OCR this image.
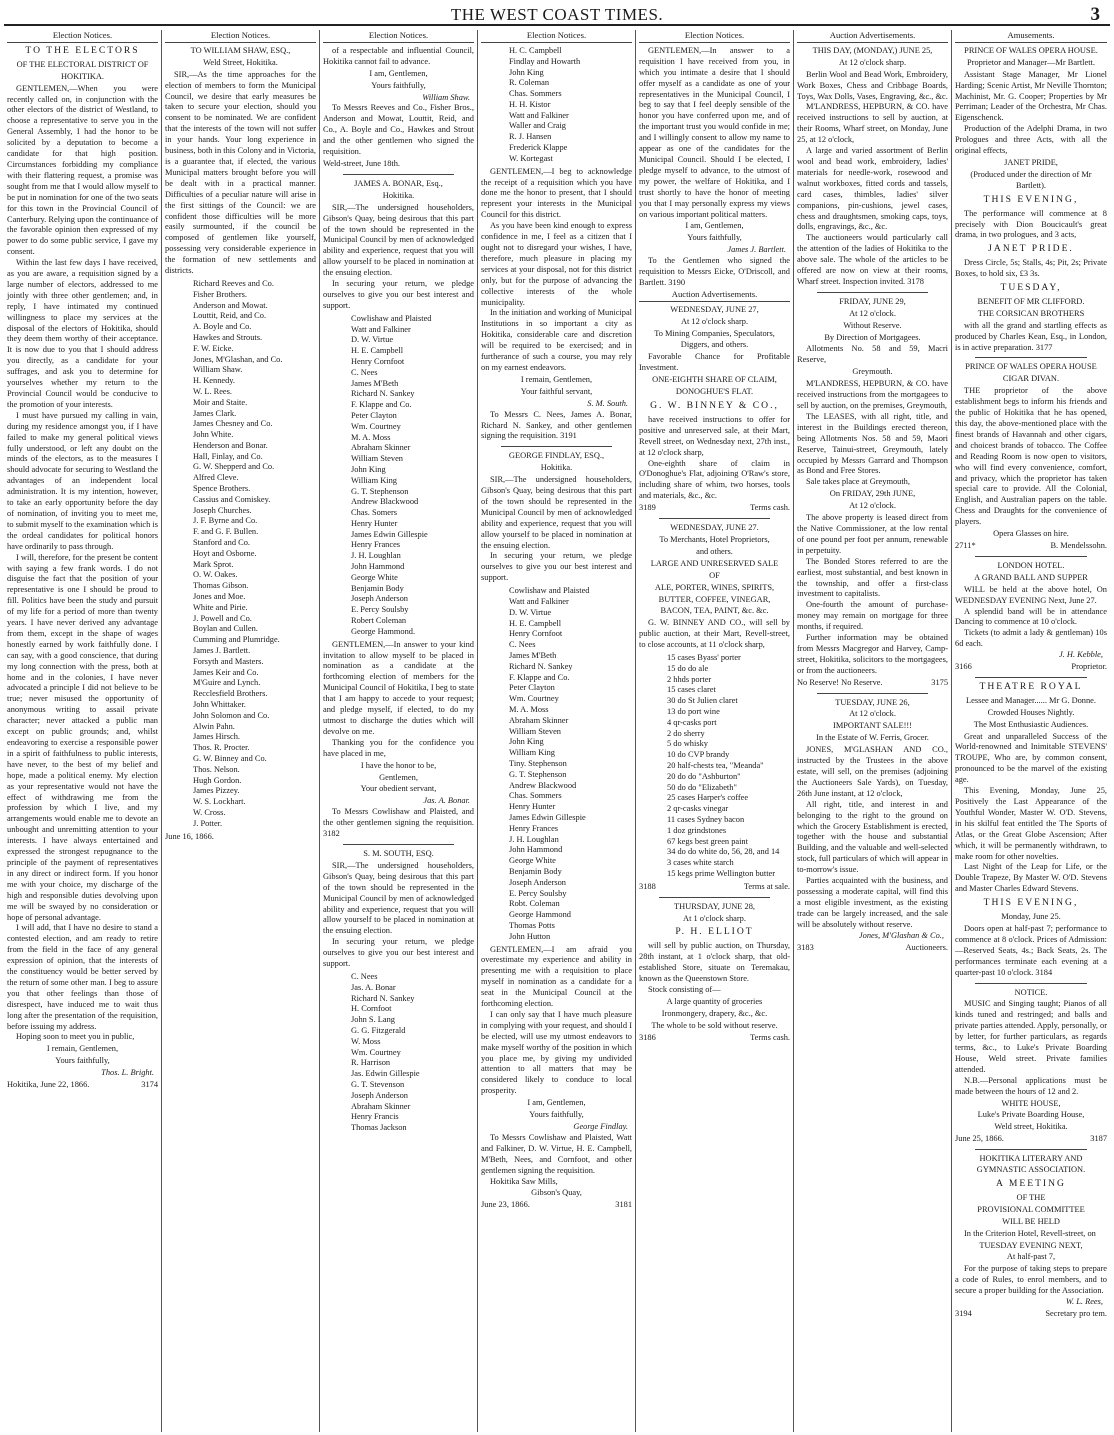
THE WEST COAST TIMES.	3
Election Notices.
TO THE ELECTORS
OF THE ELECTORAL DISTRICT OF
HOKITIKA.
GENTLEMEN,—When you were recently called on, in conjunction with the other electors of the district of Westland, to choose a representative to serve you in the General Assembly, I had the honor to be solicited by a deputation to become a candidate for that high position. Circumstances forbidding my compliance with their flattering request, a promise was sought from me that I would allow myself to be put in nomination for one of the two seats for this town in the Provincial Council of Canterbury. Relying upon the continuance of the favorable opinion then expressed of my power to do some public service, I gave my consent.
Within the last few days I have received, as you are aware, a requisition signed by a large number of electors, addressed to me jointly with three other gentlemen; and, in reply, I have intimated my continued willingness to place my services at the disposal of the electors of Hokitika, should they deem them worthy of their acceptance. It is now due to you that I should address you directly, as a candidate for your suffrages, and ask you to determine for yourselves whether my return to the Provincial Council would be conducive to the promotion of your interests.
I must have pursued my calling in vain, during my residence amongst you, if I have failed to make my general political views fully understood, or left any doubt on the minds of the electors, as to the measures I should advocate for securing to Westland the advantages of an independent local administration. It is my intention, however, to take an early opportunity before the day of nomination, of inviting you to meet me, to submit myself to the examination which is the ordeal candidates for political honors have ordinarily to pass through.
I will, therefore, for the present be content with saying a few frank words. I do not disguise the fact that the position of your representative is one I should be proud to fill. Politics have been the study and pursuit of my life for a period of more than twenty years. I have never derived any advantage from them, except in the shape of wages honestly earned by work faithfully done. I can say, with a good conscience, that during my long connection with the press, both at home and in the colonies, I have never advocated a principle I did not believe to be true; never misused the opportunity of anonymous writing to assail private character; never attacked a public man except on public grounds; and, whilst endeavoring to exercise a responsible power in a spirit of faithfulness to public interests, have never, to the best of my belief and hope, made a political enemy. My election as your representative would not have the effect of withdrawing me from the profession by which I live, and my arrangements would enable me to devote an unbought and unremitting attention to your interests. I have always entertained and expressed the strongest repugnance to the principle of the payment of representatives in any direct or indirect form. If you honor me with your choice, my discharge of the high and responsible duties devolving upon me will be swayed by no consideration or hope of personal advantage.
I will add, that I have no desire to stand a contested election, and am ready to retire from the field in the face of any general expression of opinion, that the interests of the constituency would be better served by the return of some other man. I beg to assure you that other feelings than those of disrespect, have induced me to wait thus long after the presentation of the requisition, before issuing my address.
Hoping soon to meet you in public,
I remain, Gentlemen,
Yours faithfully,
Thos. L. Bright.
Hokitika, June 22, 1866.	3174
Election Notices.
TO WILLIAM SHAW, ESQ.,
Weld Street, Hokitika.
SIR,—As the time approaches for the election of members to form the Municipal Council, we desire that early measures be taken to secure your election, should you consent to be nominated. We are confident that the interests of the town will not suffer in your hands. Your long experience in business, both in this Colony and in Victoria, is a guarantee that, if elected, the various Municipal matters brought before you will be dealt with in a practical manner. Difficulties of a peculiar nature will arise in the first sittings of the Council: we are confident those difficulties will be more easily surmounted, if the council be composed of gentlemen like yourself, possessing very considerable experience in the formation of new settlements and districts.
Richard Reeves and Co.
Fisher Brothers.
Anderson and Mowat.
Louttit, Reid, and Co.
A. Boyle and Co.
Hawkes and Strouts.
F. W. Eicke.
Jones, M'Glashan, and Co.
William Shaw.
H. Kennedy.
W. L. Rees.
Moir and Staite.
James Clark.
James Chesney and Co.
John White.
Henderson and Bonar.
Hall, Finlay, and Co.
G. W. Shepperd and Co.
Alfred Cleve.
Spence Brothers.
Cassius and Comiskey.
Joseph Churches.
J. F. Byrne and Co.
F. and G. F. Bullen.
Stanford and Co.
Hoyt and Osborne.
Mark Sprot.
O. W. Oakes.
Thomas Gibson.
Jones and Moe.
White and Pirie.
J. Powell and Co.
Boylan and Cullen.
Cumming and Plumridge.
James J. Bartlett.
Forsyth and Masters.
James Keir and Co.
M'Guire and Lynch.
Recclesfield Brothers.
John Whittaker.
John Solomon and Co.
Alwin Pahn.
James Hirsch.
Thos. R. Procter.
G. W. Binney and Co.
Thos. Nelson.
Hugh Gordon.
James Pizzey.
W. S. Lockhart.
W. Cross.
J. Potter.
June 16, 1866.
Election Notices.
of a respectable and influential Council, Hokitika cannot fail to advance.
I am, Gentlemen,
Yours faithfully,
William Shaw.
To Messrs Reeves and Co., Fisher Bros., Anderson and Mowat, Louttit, Reid, and Co., A. Boyle and Co., Hawkes and Strout and the other gentlemen who signed the requisition.
Weld-street, June 18th.
JAMES A. BONAR, Esq.,
Hokitika.
SIR,—The undersigned householders, Gibson's Quay, being desirous that this part of the town should be represented in the Municipal Council by men of acknowledged ability and experience, request that you will allow yourself to be placed in nomination at the ensuing election.
In securing your return, we pledge ourselves to give you our best interest and support.
Cowlishaw and Plaisted
Watt and Falkiner
D. W. Virtue
H. E. Campbell
Henry Cornfoot
C. Nees
James M'Beth
Richard N. Sankey
F. Klappe and Co.
Peter Clayton
Wm. Courtney
M. A. Moss
Abraham Skinner
William Steven
John King
William King
G. T. Stephenson
Andrew Blackwood
Chas. Somers
Henry Hunter
James Edwin Gillespie
Henry Frances
J. H. Loughlan
John Hammond
George White
Benjamin Body
Joseph Anderson
E. Percy Soulsby
Robert Coleman
George Hammond.
GENTLEMEN,—In answer to your kind invitation to allow myself to be placed in nomination as a candidate at the forthcoming election of members for the Municipal Council of Hokitika, I beg to state that I am happy to accede to your request; and pledge myself, if elected, to do my utmost to discharge the duties which will devolve on me.
Thanking you for the confidence you have placed in me,
I have the honor to be,
Gentlemen,
Your obedient servant,
Jas. A. Bonar.
To Messrs Cowlishaw and Plaisted, and the other gentlemen signing the requisition. 3182
S. M. SOUTH, ESQ.
SIR,—The undersigned householders, Gibson's Quay, being desirous that this part of the town should be represented in the Municipal Council by men of acknowledged ability and experience, request that you will allow yourself to be placed in nomination at the ensuing election.
In securing your return, we pledge ourselves to give you our best interest and support.
C. Nees
Jas. A. Bonar
Richard N. Sankey
H. Cornfoot
John S. Lang
G. G. Fitzgerald
W. Moss
Wm. Courtney
R. Harrison
Jas. Edwin Gillespie
G. T. Stevenson
Joseph Anderson
Abraham Skinner
Henry Francis
Thomas Jackson
Election Notices.
H. C. Campbell
Findlay and Howarth
John King
R. Coleman
Chas. Sommers
H. H. Kistor
Watt and Falkiner
Waller and Craig
R. J. Hansen
Frederick Klappe
W. Kortegast
GENTLEMEN,—I beg to acknowledge the receipt of a requisition which you have done me the honor to present, that I should represent your interests in the Municipal Council for this district.
As you have been kind enough to express confidence in me, I feel as a citizen that I ought not to disregard your wishes, I have, therefore, much pleasure in placing my services at your disposal, not for this district only, but for the purpose of advancing the collective interests of the whole municipality.
In the initiation and working of Municipal Institutions in so important a city as Hokitika, considerable care and discretion will be required to be exercised; and in furtherance of such a course, you may rely on my earnest endeavors.
I remain, Gentlemen,
Your faithful servant,
S. M. South.
To Messrs C. Nees, James A. Bonar, Richard N. Sankey, and other gentlemen signing the requisition. 3191
GEORGE FINDLAY, ESQ.,
Hokitika.
SIR,—The undersigned householders, Gibson's Quay, being desirous that this part of the town should be represented in the Municipal Council by men of acknowledged ability and experience, request that you will allow yourself to be placed in nomination at the ensuing election.
In securing your return, we pledge ourselves to give you our best interest and support.
Cowlishaw and Plaisted
Watt and Falkiner
D. W. Virtue
H. E. Campbell
Henry Cornfoot
C. Nees
James M'Beth
Richard N. Sankey
F. Klappe and Co.
Peter Clayton
Wm. Courtney
M. A. Moss
Abraham Skinner
William Steven
John King
William King
Tiny. Stephenson
G. T. Stephenson
Andrew Blackwood
Chas. Sommers
Henry Hunter
James Edwin Gillespie
Henry Frances
J. H. Loughlan
John Hammond
George White
Benjamin Body
Joseph Anderson
E. Percy Soulsby
Robt. Coleman
George Hammond
Thomas Potts
John Hutton
GENTLEMEN,—I am afraid you overestimate my experience and ability in presenting me with a requisition to place myself in nomination as a candidate for a seat in the Municipal Council at the forthcoming election.
I can only say that I have much pleasure in complying with your request, and should I be elected, will use my utmost endeavors to make myself worthy of the position in which you place me, by giving my undivided attention to all matters that may be considered likely to conduce to local prosperity.
I am, Gentlemen,
Yours faithfully,
George Findlay.
To Messrs Cowlishaw and Plaisted, Watt and Falkiner, D. W. Virtue, H. E. Campbell, M'Beth, Nees, and Cornfoot, and other gentlemen signing the requisition.
Hokitika Saw Mills,
Gibson's Quay,
June 23, 1866.	3181
Election Notices.
GENTLEMEN,—In answer to a requisition I have received from you, in which you intimate a desire that I should offer myself as a candidate as one of your representatives in the Municipal Council, I beg to say that I feel deeply sensible of the honor you have conferred upon me, and of the important trust you would confide in me; and I willingly consent to allow my name to appear as one of the candidates for the Municipal Council. Should I be elected, I pledge myself to advance, to the utmost of my power, the welfare of Hokitika, and I trust shortly to have the honor of meeting you that I may personally express my views on various important political matters.
I am, Gentlemen,
Yours faithfully,
James J. Bartlett.
To the Gentlemen who signed the requisition to Messrs Eicke, O'Driscoll, and Bartlett. 3190
Auction Advertisements.
WEDNESDAY, JUNE 27,
At 12 o'clock sharp.
To Mining Companies, Speculators,
Diggers, and others.
Favorable Chance for Profitable Investment.
ONE-EIGHTH SHARE OF CLAIM,
DONOGHUE'S FLAT.
G. W. BINNEY & CO.,
have received instructions to offer for positive and unreserved sale, at their Mart, Revell street, on Wednesday next, 27th inst., at 12 o'clock sharp,
One-eighth share of claim in O'Donoghue's Flat, adjoining O'Raw's store, including share of whim, two horses, tools and materials, &c., &c.
3189	Terms cash.
WEDNESDAY, JUNE 27.
To Merchants, Hotel Proprietors,
and others.
LARGE AND UNRESERVED SALE
OF
ALE, PORTER, WINES, SPIRITS,
BUTTER, COFFEE, VINEGAR,
BACON, TEA, PAINT, &c. &c.
G. W. BINNEY AND CO., will sell by public auction, at their Mart, Revell-street, to close accounts, at 11 o'clock sharp,
15 cases Byass' porter
15 do do ale
2 hhds porter
15 cases claret
30 do St Julien claret
13 do port wine
4 qr-casks port
2 do sherry
5 do whisky
10 do CVP brandy
20 half-chests tea, "Meanda"
20 do do "Ashburton"
50 do do "Elizabeth"
25 cases Harper's coffee
2 qr-casks vinegar
11 cases Sydney bacon
1 doz grindstones
67 kegs best green paint
34 do do white do, 56, 28, and 14
3 cases white starch
15 kegs prime Wellington butter
3188	Terms at sale.
THURSDAY, JUNE 28,
At 1 o'clock sharp.
P. H. ELLIOT
will sell by public auction, on Thursday, 28th instant, at 1 o'clock sharp, that old-established Store, situate on Teremakau, known as the Queenstown Store.
Stock consisting of—
A large quantity of groceries
Ironmongery, drapery, &c., &c.
The whole to be sold without reserve.
3186	Terms cash.
Auction Advertisements.
THIS DAY, (MONDAY,) JUNE 25,
At 12 o'clock sharp.
Berlin Wool and Bead Work, Embroidery, Work Boxes, Chess and Cribbage Boards, Toys, Wax Dolls, Vases, Engraving, &c., &c.
M'LANDRESS, HEPBURN, & CO. have received instructions to sell by auction, at their Rooms, Wharf street, on Monday, June 25, at 12 o'clock,
A large and varied assortment of Berlin wool and bead work, embroidery, ladies' materials for needle-work, rosewood and walnut workboxes, fitted cords and tassels, card cases, thimbles, ladies' silver companions, pin-cushions, jewel cases, chess and draughtsmen, smoking caps, toys, dolls, engravings, &c., &c.
The auctioneers would particularly call the attention of the ladies of Hokitika to the above sale. The whole of the articles to be offered are now on view at their rooms, Wharf street. Inspection invited. 3178
FRIDAY, JUNE 29,
At 12 o'clock.
Without Reserve.
By Direction of Mortgagees.
Allotments No. 58 and 59, Macri Reserve,
Greymouth.
M'LANDRESS, HEPBURN, & CO. have received instructions from the mortgagees to sell by auction, on the premises, Greymouth,
The LEASES, with all right, title, and interest in the Buildings erected thereon, being Allotments Nos. 58 and 59, Maori Reserve, Tainui-street, Greymouth, lately occupied by Messrs Garrard and Thompson as Bond and Free Stores.
Sale takes place at Greymouth,
On FRIDAY, 29th JUNE,
At 12 o'clock.
The above property is leased direct from the Native Commissioner, at the low rental of one pound per foot per annum, renewable in perpetuity.
The Bonded Stores referred to are the earliest, most substantial, and best known in the township, and offer a first-class investment to capitalists.
One-fourth the amount of purchase-money may remain on mortgage for three months, if required.
Further information may be obtained from Messrs Macgregor and Harvey, Camp-street, Hokitika, solicitors to the mortgagees, or from the auctioneers.
No Reserve! No Reserve.	3175
TUESDAY, JUNE 26,
At 12 o'clock.
IMPORTANT SALE!!!
In the Estate of W. Ferris, Grocer.
JONES, M'GLASHAN AND CO., instructed by the Trustees in the above estate, will sell, on the premises (adjoining the Auctioneers Sale Yards), on Tuesday, 26th June instant, at 12 o'clock,
All right, title, and interest in and belonging to the right to the ground on which the Grocery Establishment is erected, together with the house and substantial Building, and the valuable and well-selected stock, full particulars of which will appear in to-morrow's issue.
Parties acquainted with the business, and possessing a moderate capital, will find this a most eligible investment, as the existing trade can be largely increased, and the sale will be absolutely without reserve.
Jones, M'Glashan & Co.,
3183	Auctioneers.
Amusements.
PRINCE OF WALES OPERA HOUSE.
Proprietor and Manager—Mr Bartlett.
Assistant Stage Manager, Mr Lionel Harding; Scenic Artist, Mr Neville Thornton; Machinist, Mr. G. Cooper; Properties by Mr Perriman; Leader of the Orchestra, Mr Chas. Eigenschenck.
Production of the Adelphi Drama, in two Prologues and three Acts, with all the original effects,
JANET PRIDE,
(Produced under the direction of Mr Bartlett).
THIS EVENING,
The performance will commence at 8 precisely with Dion Boucicault's great drama, in two prologues, and 3 acts,
JANET PRIDE.
Dress Circle, 5s; Stalls, 4s; Pit, 2s; Private Boxes, to hold six, £3 3s.
TUESDAY,
BENEFIT OF MR CLIFFORD.
THE CORSICAN BROTHERS
with all the grand and startling effects as produced by Charles Kean, Esq., in London, is in active preparation. 3177
PRINCE OF WALES OPERA HOUSE
CIGAR DIVAN.
THE proprietor of the above establishment begs to inform his friends and the public of Hokitika that he has opened, this day, the above-mentioned place with the finest brands of Havannah and other cigars, and choicest brands of tobacco. The Coffee and Reading Room is now open to visitors, who will find every convenience, comfort, and privacy, which the proprietor has taken special care to provide. All the Colonial, English, and Australian papers on the table. Chess and Draughts for the convenience of players.
Opera Glasses on hire.
2711*	B. Mendelssohn.
LONDON HOTEL.
A GRAND BALL AND SUPPER
WILL be held at the above hotel, On WEDNESDAY EVENING Next, June 27.
A splendid band will be in attendance Dancing to commence at 10 o'clock.
Tickets (to admit a lady & gentleman) 10s 6d each.
J. H. Kebble,
3166	Proprietor.
THEATRE ROYAL
Lessee and Manager...... Mr G. Donne.
Crowded Houses Nightly.
The Most Enthusiastic Audiences.
Great and unparalleled Success of the World-renowned and Inimitable STEVENS' TROUPE, Who are, by common consent, pronounced to be the marvel of the existing age.
This Evening, Monday, June 25, Positively the Last Appearance of the Youthful Wonder, Master W. O'D. Stevens, in his skilful feat entitled the The Sports of Atlas, or the Great Globe Ascension; After which, it will be permanently withdrawn, to make room for other novelties.
Last Night of the Leap for Life, or the Double Trapeze, By Master W. O'D. Stevens and Master Charles Edward Stevens.
THIS EVENING,
Monday, June 25.
Doors open at half-past 7; performance to commence at 8 o'clock. Prices of Admission:—Reserved Seats, 4s.; Back Seats, 2s. The performances terminate each evening at a quarter-past 10 o'clock. 3184
NOTICE.
MUSIC and Singing taught; Pianos of all kinds tuned and restringed; and balls and private parties attended. Apply, personally, or by letter, for further particulars, as regards terms, &c., to Luke's Private Boarding House, Weld street. Private families attended.
N.B.—Personal applications must be made between the hours of 12 and 2.
WHITE HOUSE,
Luke's Private Boarding House,
Weld street, Hokitika.
June 25, 1866.	3187
HOKITIKA LITERARY AND GYMNASTIC ASSOCIATION.
A MEETING
OF THE
PROVISIONAL COMMITTEE
WILL BE HELD
In the Criterion Hotel, Revell-street, on
TUESDAY EVENING NEXT,
At half-past 7,
For the purpose of taking steps to prepare a code of Rules, to enrol members, and to secure a proper building for the Association.
W. L. Rees,
3194	Secretary pro tem.
